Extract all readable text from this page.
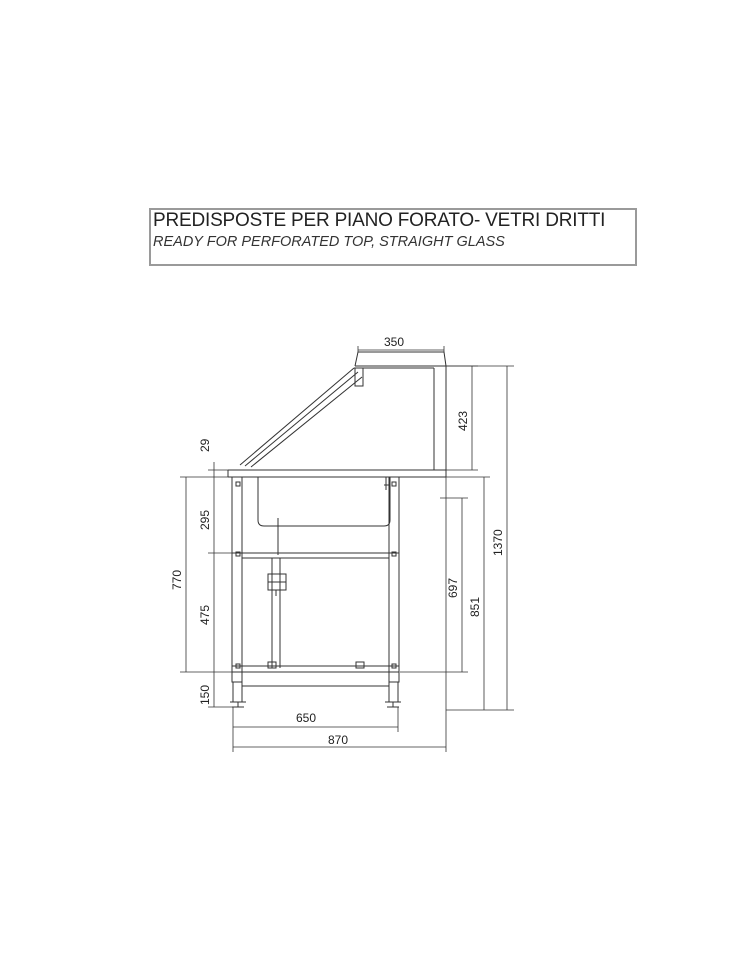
PREDISPOSTE PER PIANO FORATO- VETRI DRITTI
READY FOR PERFORATED TOP, STRAIGHT GLASS
350
423
29
295
770
475
150
697
851
1370
650
870
